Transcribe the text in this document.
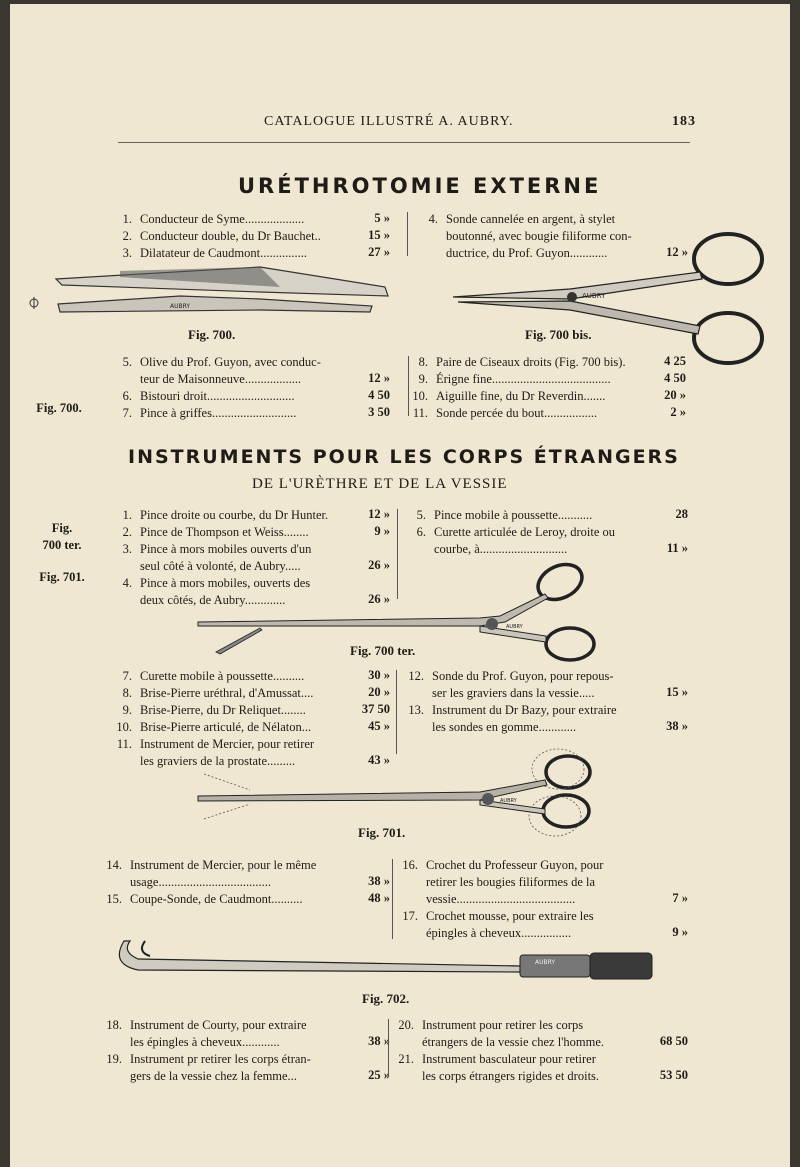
CATALOGUE ILLUSTRÉ A. AUBRY.	183
URÉTHROTOMIE EXTERNE
1. Conducteur de Syme...................	5 »
2. Conducteur double, du Dr Bauchet..	15 »
3. Dilatateur de Caudmont...............	27 »
4. Sonde cannelée en argent, à stylet
boutonné, avec bougie filiforme con-
ductrice, du Prof. Guyon............	12 »
AUBRY
AUBRY
AUBRY
AUBRY
AUBRY
Fig. 700.	Fig. 700 bis.
5. Olive du Prof. Guyon, avec conduc-
teur de Maisonneuve..................	12 »
6. Bistouri droit............................	4 50
7. Pince à griffes...........................	3 50
8. Paire de Ciseaux droits (Fig. 700 bis).	4 25
9. Érigne fine......................................	4 50
10. Aiguille fine, du Dr Reverdin.......	20 »
11. Sonde percée du bout.................	2 »
Fig. 700.
INSTRUMENTS POUR LES CORPS ÉTRANGERS
DE L'URÈTHRE ET DE LA VESSIE
Fig.
700 ter.
Fig. 701.
1. Pince droite ou courbe, du Dr Hunter.	12 »
2. Pince de Thompson et Weiss........	9 »
3. Pince à mors mobiles ouverts d'un
seul côté à volonté, de Aubry.....	26 »
4. Pince à mors mobiles, ouverts des
deux côtés, de Aubry.............	26 »
5. Pince mobile à poussette...........	28
6. Curette articulée de Leroy, droite ou
courbe, à............................	11 »
Fig. 700 ter.
7. Curette mobile à poussette..........	30 »
8. Brise-Pierre uréthral, d'Amussat....	20 »
9. Brise-Pierre, du Dr Reliquet........	37 50
10. Brise-Pierre articulé, de Nélaton...	45 »
11. Instrument de Mercier, pour retirer
les graviers de la prostate.........	43 »
12. Sonde du Prof. Guyon, pour repous-
ser les graviers dans la vessie.....	15 »
13. Instrument du Dr Bazy, pour extraire
les sondes en gomme............	38 »
Fig. 701.
14. Instrument de Mercier, pour le même
usage....................................	38 »
15. Coupe-Sonde, de Caudmont..........	48 »
16. Crochet du Professeur Guyon, pour
retirer les bougies filiformes de la
vessie......................................	7 »
17. Crochet mousse, pour extraire les
épingles à cheveux................	9 »
Fig. 702.
18. Instrument de Courty, pour extraire
les épingles à cheveux............	38 »
19. Instrument pr retirer les corps étran-
gers de la vessie chez la femme...	25 »
20. Instrument pour retirer les corps
étrangers de la vessie chez l'homme.	68 50
21. Instrument basculateur pour retirer
les corps étrangers rigides et droits.	53 50
